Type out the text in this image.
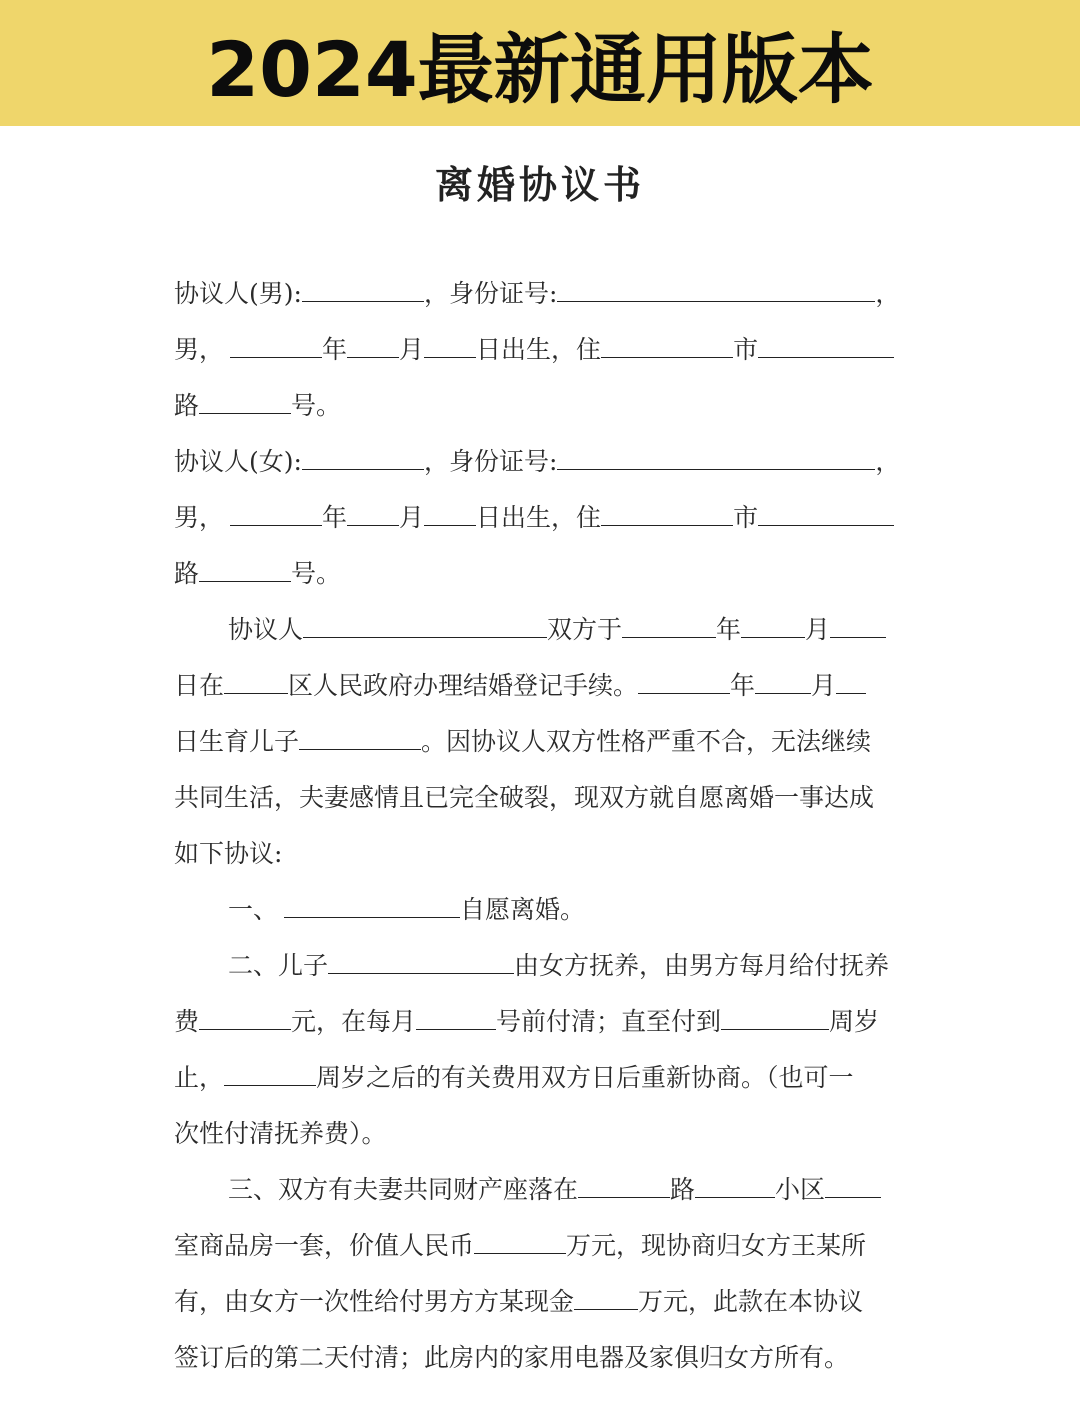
2024最新通用版本
离婚协议书
协议人(男):	，身份证号:	，
男，	年 月 日出生，住	市
路	号。
协议人(女):	，身份证号:	，
男，	年 月 日出生，住	市
路	号。
协议人	双方于	年	月
日在	区人民政府办理结婚登记手续。	年 月
日生育儿子	。因协议人双方性格严重不合，无法继续
共同生活，夫妻感情且已完全破裂，现双方就自愿离婚一事达成
如下协议:
一、	自愿离婚。
二、儿子	由女方抚养，由男方每月给付抚养
费	元，在每月	号前付清；直至付到	周岁
止，	周岁之后的有关费用双方日后重新协商。（也可一
次性付清抚养费）。
三、双方有夫妻共同财产座落在	路	小区
室商品房一套，价值人民币	万元，现协商归女方王某所
有，由女方一次性给付男方方某现金	万元，此款在本协议
签订后的第二天付清；此房内的家用电器及家俱归女方所有。
